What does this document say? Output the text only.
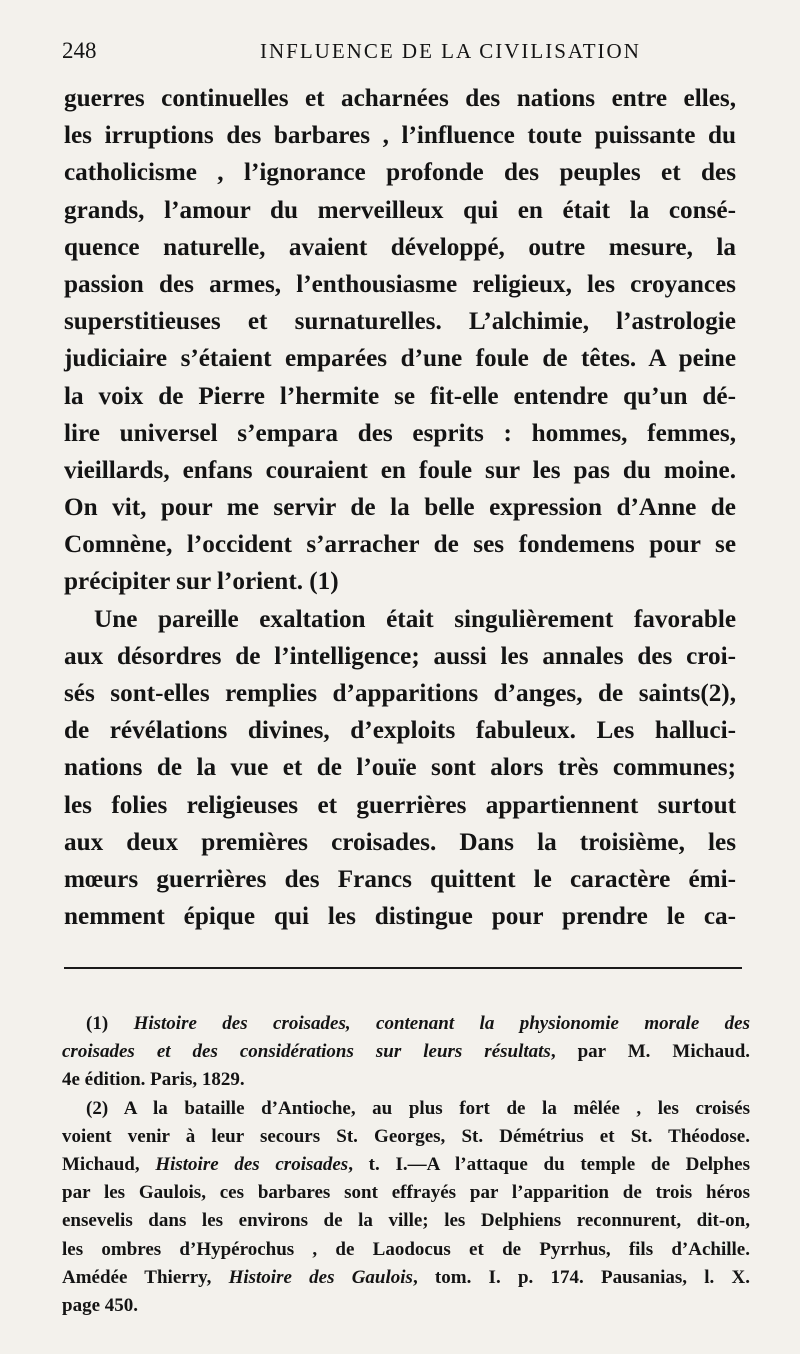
248	INFLUENCE DE LA CIVILISATION
guerres continuelles et acharnées des nations entre elles,
les irruptions des barbares , l’influence toute puissante du
catholicisme , l’ignorance profonde des peuples et des
grands, l’amour du merveilleux qui en était la consé-
quence naturelle, avaient développé, outre mesure, la
passion des armes, l’enthousiasme religieux, les croyances
superstitieuses et surnaturelles. L’alchimie, l’astrologie
judiciaire s’étaient emparées d’une foule de têtes. A peine
la voix de Pierre l’hermite se fit-elle entendre qu’un dé-
lire universel s’empara des esprits : hommes, femmes,
vieillards, enfans couraient en foule sur les pas du moine.
On vit, pour me servir de la belle expression d’Anne de
Comnène, l’occident s’arracher de ses fondemens pour se
précipiter sur l’orient. (1)
Une pareille exaltation était singulièrement favorable
aux désordres de l’intelligence; aussi les annales des croi-
sés sont-elles remplies d’apparitions d’anges, de saints(2),
de révélations divines, d’exploits fabuleux. Les halluci-
nations de la vue et de l’ouïe sont alors très communes;
les folies religieuses et guerrières appartiennent surtout
aux deux premières croisades. Dans la troisième, les
mœurs guerrières des Francs quittent le caractère émi-
nemment épique qui les distingue pour prendre le ca-
(1) Histoire des croisades, contenant la physionomie morale des
croisades et des considérations sur leurs résultats, par M. Michaud.
4e édition. Paris, 1829.
(2) A la bataille d’Antioche, au plus fort de la mêlée , les croisés
voient venir à leur secours St. Georges, St. Démétrius et St. Théodose.
Michaud, Histoire des croisades, t. I.—A l’attaque du temple de Delphes
par les Gaulois, ces barbares sont effrayés par l’apparition de trois héros
ensevelis dans les environs de la ville; les Delphiens reconnurent, dit-on,
les ombres d’Hypérochus , de Laodocus et de Pyrrhus, fils d’Achille.
Amédée Thierry, Histoire des Gaulois, tom. I. p. 174. Pausanias, l. X.
page 450.
